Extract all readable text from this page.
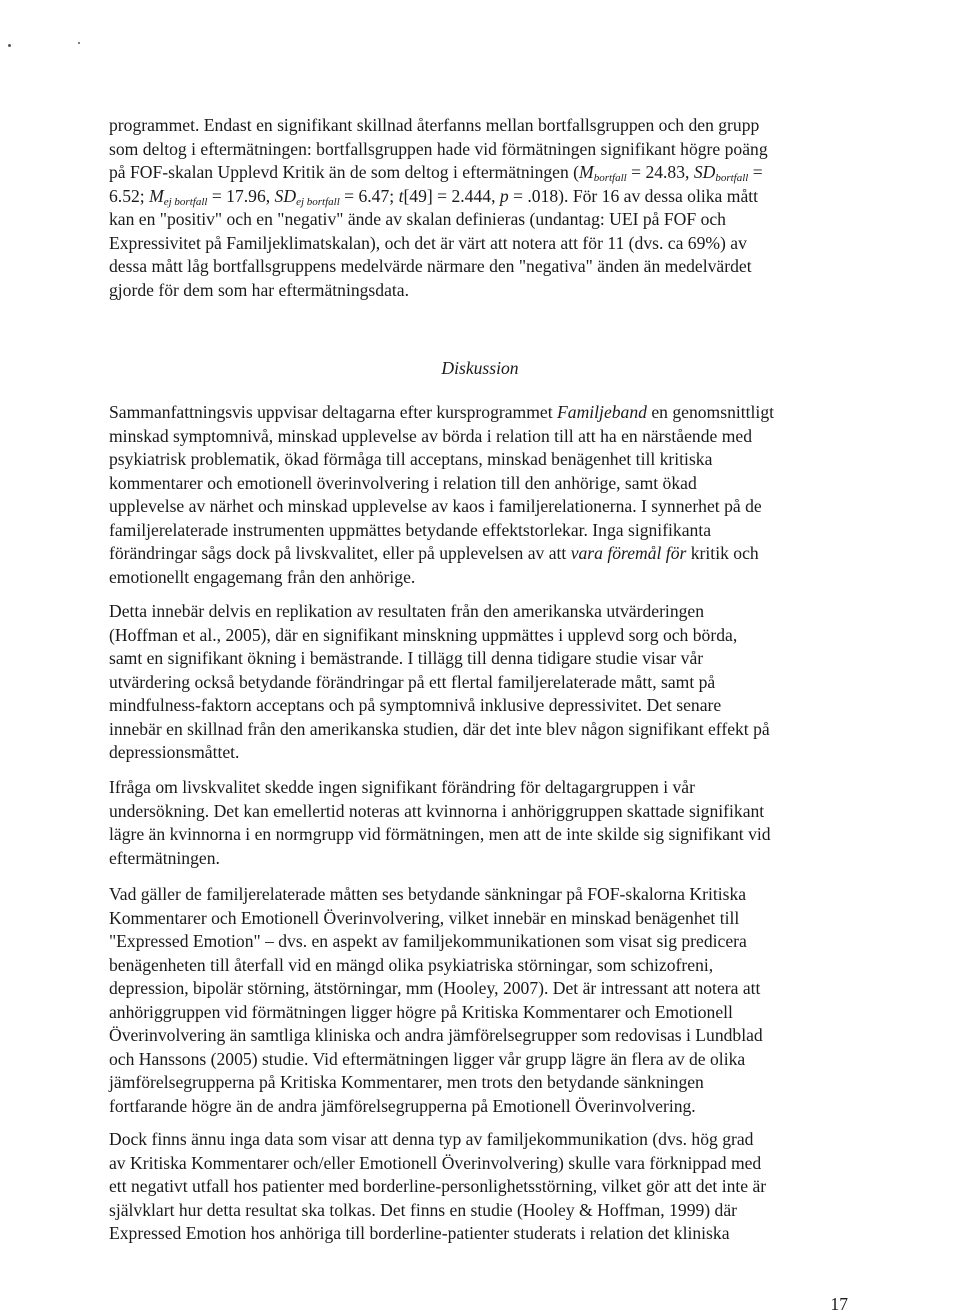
programmet. Endast en signifikant skillnad återfanns mellan bortfallsgruppen och den grupp
som deltog i eftermätningen: bortfallsgruppen hade vid förmätningen signifikant högre poäng
på FOF-skalan Upplevd Kritik än de som deltog i eftermätningen ($M_{bortfall} = 24.83$, $SD_{bortfall}$ =
6.52; $M_{ej bortfall} = 17.96$, $SD_{ej bortfall} = 6.47$; t[49] = 2.444, p = .018). För 16 av dessa olika mått
kan en "positiv" och en "negativ" ände av skalan definieras (undantag: UEI på FOF och
Expressivitet på Familjeklimatskalan), och det är värt att notera att för 11 (dvs. ca 69%) av
dessa mått låg bortfallsgruppens medelvärde närmare den "negativa" änden än medelvärdet
gjorde för dem som har eftermätningsdata.
Diskussion
Sammanfattningsvis uppvisar deltagarna efter kursprogrammet Familjeband en genomsnittligt
minskad symptomnivå, minskad upplevelse av börda i relation till att ha en närstående med
psykiatrisk problematik, ökad förmåga till acceptans, minskad benägenhet till kritiska
kommentarer och emotionell överinvolvering i relation till den anhörige, samt ökad
upplevelse av närhet och minskad upplevelse av kaos i familjerelationerna. I synnerhet på de
familjerelaterade instrumenten uppmättes betydande effektstorlekar. Inga signifikanta
förändringar sågs dock på livskvalitet, eller på upplevelsen av att vara föremål för kritik och
emotionellt engagemang från den anhörige.
Detta innebär delvis en replikation av resultaten från den amerikanska utvärderingen
(Hoffman et al., 2005), där en signifikant minskning uppmättes i upplevd sorg och börda,
samt en signifikant ökning i bemästrande. I tillägg till denna tidigare studie visar vår
utvärdering också betydande förändringar på ett flertal familjerelaterade mått, samt på
mindfulness-faktorn acceptans och på symptomnivå inklusive depressivitet. Det senare
innebär en skillnad från den amerikanska studien, där det inte blev någon signifikant effekt på
depressionsmåttet.
Ifråga om livskvalitet skedde ingen signifikant förändring för deltagargruppen i vår
undersökning. Det kan emellertid noteras att kvinnorna i anhöriggruppen skattade signifikant
lägre än kvinnorna i en normgrupp vid förmätningen, men att de inte skilde sig signifikant vid
eftermätningen.
Vad gäller de familjerelaterade måtten ses betydande sänkningar på FOF-skalorna Kritiska
Kommentarer och Emotionell Överinvolvering, vilket innebär en minskad benägenhet till
"Expressed Emotion" – dvs. en aspekt av familjekommunikationen som visat sig predicera
benägenheten till återfall vid en mängd olika psykiatriska störningar, som schizofreni,
depression, bipolär störning, ätstörningar, mm (Hooley, 2007). Det är intressant att notera att
anhöriggruppen vid förmätningen ligger högre på Kritiska Kommentarer och Emotionell
Överinvolvering än samtliga kliniska och andra jämförelsegrupper som redovisas i Lundblad
och Hanssons (2005) studie. Vid eftermätningen ligger vår grupp lägre än flera av de olika
jämförelsegrupperna på Kritiska Kommentarer, men trots den betydande sänkningen
fortfarande högre än de andra jämförelsegrupperna på Emotionell Överinvolvering.
Dock finns ännu inga data som visar att denna typ av familjekommunikation (dvs. hög grad
av Kritiska Kommentarer och/eller Emotionell Överinvolvering) skulle vara förknippad med
ett negativt utfall hos patienter med borderline-personlighetsstörning, vilket gör att det inte är
självklart hur detta resultat ska tolkas. Det finns en studie (Hooley & Hoffman, 1999) där
Expressed Emotion hos anhöriga till borderline-patienter studerats i relation det kliniska
17
